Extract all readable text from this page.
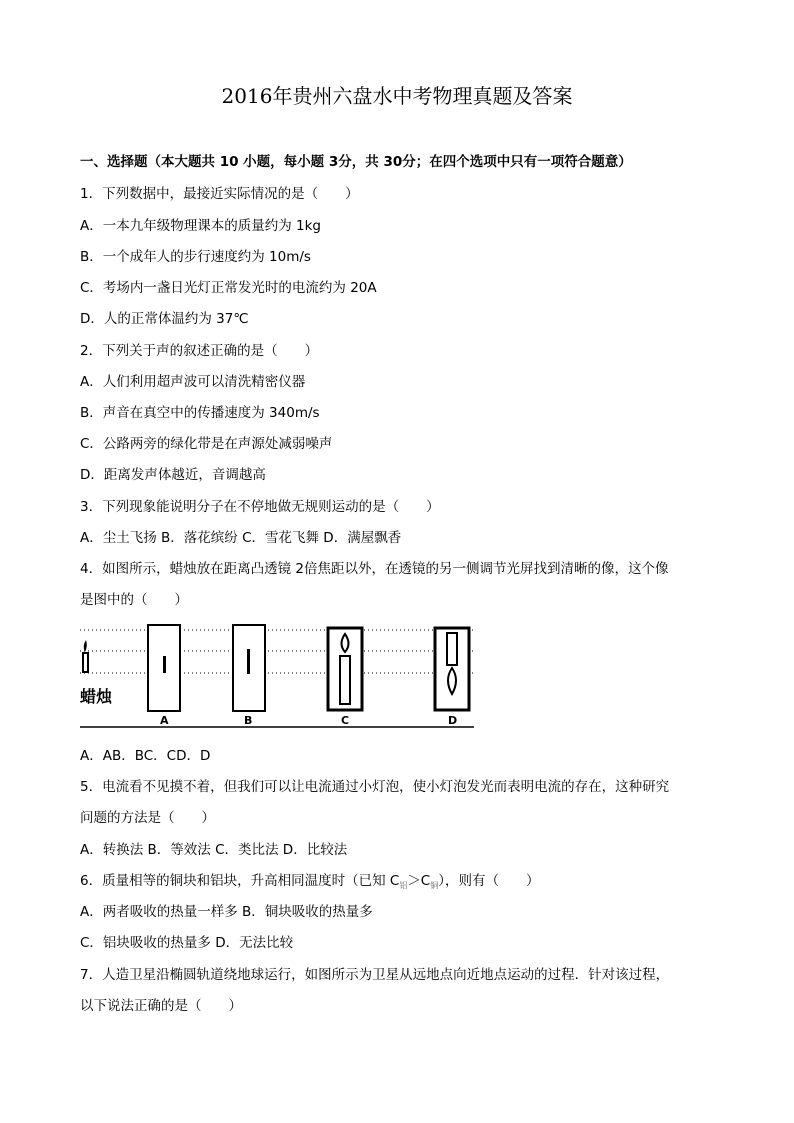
2016年贵州六盘水中考物理真题及答案
一、选择题（本大题共 10 小题，每小题 3分，共 30分；在四个选项中只有一项符合题意）
1．下列数据中，最接近实际情况的是（　　）
A．一本九年级物理课本的质量约为 1kg
B．一个成年人的步行速度约为 10m/s
C．考场内一盏日光灯正常发光时的电流约为 20A
D．人的正常体温约为 37℃
2．下列关于声的叙述正确的是（　　）
A．人们利用超声波可以清洗精密仪器
B．声音在真空中的传播速度为 340m/s
C．公路两旁的绿化带是在声源处减弱噪声
D．距离发声体越近，音调越高
3．下列现象能说明分子在不停地做无规则运动的是（　　）
A．尘土飞扬 B．落花缤纷 C．雪花飞舞 D．满屋飘香
4．如图所示，蜡烛放在距离凸透镜 2倍焦距以外，在透镜的另一侧调节光屏找到清晰的像，这个像
是图中的（　　）
蜡烛
A	B	C	D
A．AB．BC．CD．D
5．电流看不见摸不着，但我们可以让电流通过小灯泡，使小灯泡发光而表明电流的存在，这种研究
问题的方法是（　　）
A．转换法 B．等效法 C．类比法 D．比较法
6．质量相等的铜块和铝块，升高相同温度时（已知 $C_铝>C_铜$），则有（　　）
A．两者吸收的热量一样多 B．铜块吸收的热量多
C．铝块吸收的热量多 D．无法比较
7．人造卫星沿椭圆轨道绕地球运行，如图所示为卫星从远地点向近地点运动的过程．针对该过程，
以下说法正确的是（　　）
